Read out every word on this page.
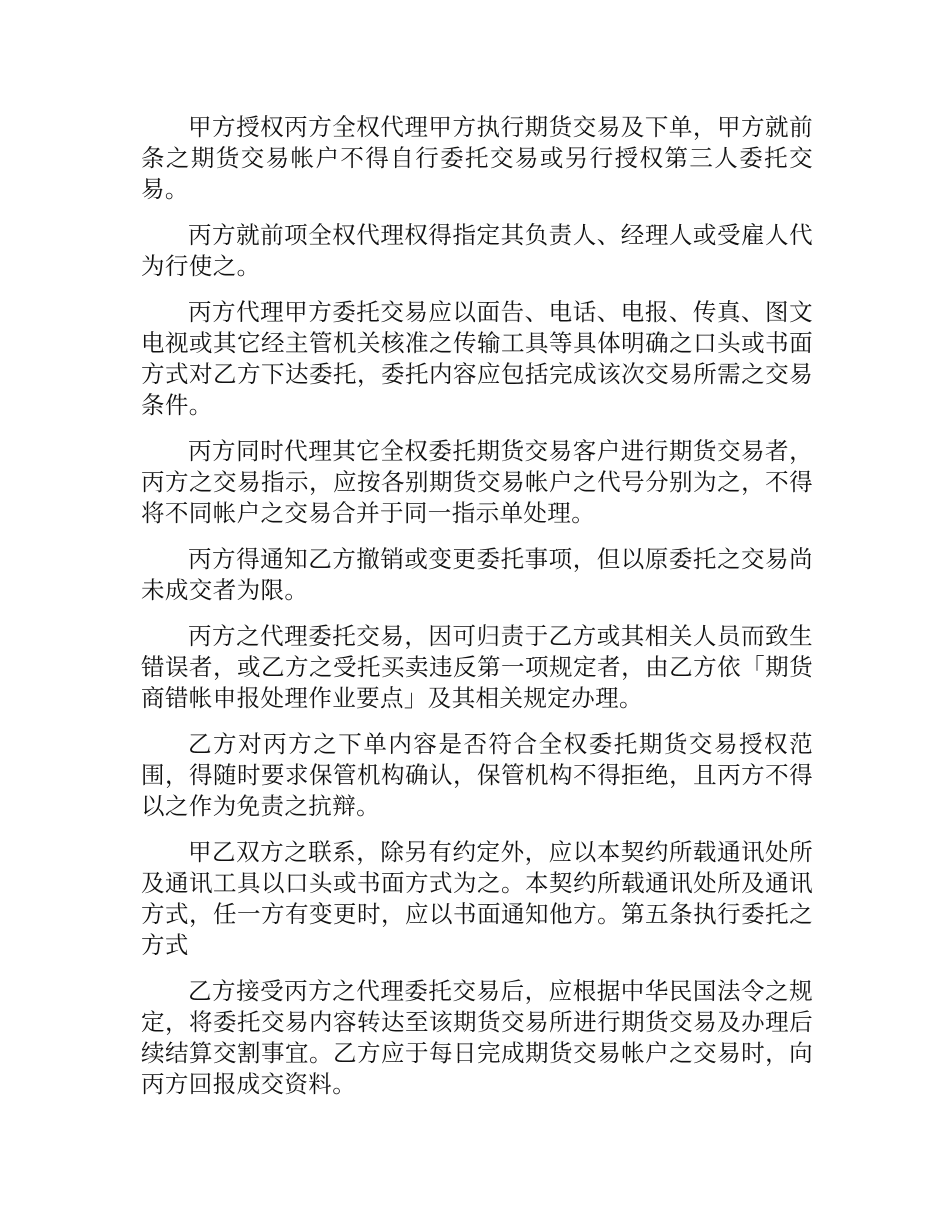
甲方授权丙方全权代理甲方执行期货交易及下单，甲方就前条之期货交易帐户不得自行委托交易或另行授权第三人委托交易。

丙方就前项全权代理权得指定其负责人、经理人或受雇人代为行使之。

丙方代理甲方委托交易应以面告、电话、电报、传真、图文电视或其它经主管机关核准之传输工具等具体明确之口头或书面方式对乙方下达委托，委托内容应包括完成该次交易所需之交易条件。

丙方同时代理其它全权委托期货交易客户进行期货交易者，丙方之交易指示，应按各别期货交易帐户之代号分别为之，不得将不同帐户之交易合并于同一指示单处理。

丙方得通知乙方撤销或变更委托事项，但以原委托之交易尚未成交者为限。

丙方之代理委托交易，因可归责于乙方或其相关人员而致生错误者，或乙方之受托买卖违反第一项规定者，由乙方依「期货商错帐申报处理作业要点」及其相关规定办理。

乙方对丙方之下单内容是否符合全权委托期货交易授权范围，得随时要求保管机构确认，保管机构不得拒绝，且丙方不得以之作为免责之抗辩。

甲乙双方之联系，除另有约定外，应以本契约所载通讯处所及通讯工具以口头或书面方式为之。本契约所载通讯处所及通讯方式，任一方有变更时，应以书面通知他方。第五条执行委托之方式

乙方接受丙方之代理委托交易后，应根据中华民国法令之规定，将委托交易内容转达至该期货交易所进行期货交易及办理后续结算交割事宜。乙方应于每日完成期货交易帐户之交易时，向丙方回报成交资料。
